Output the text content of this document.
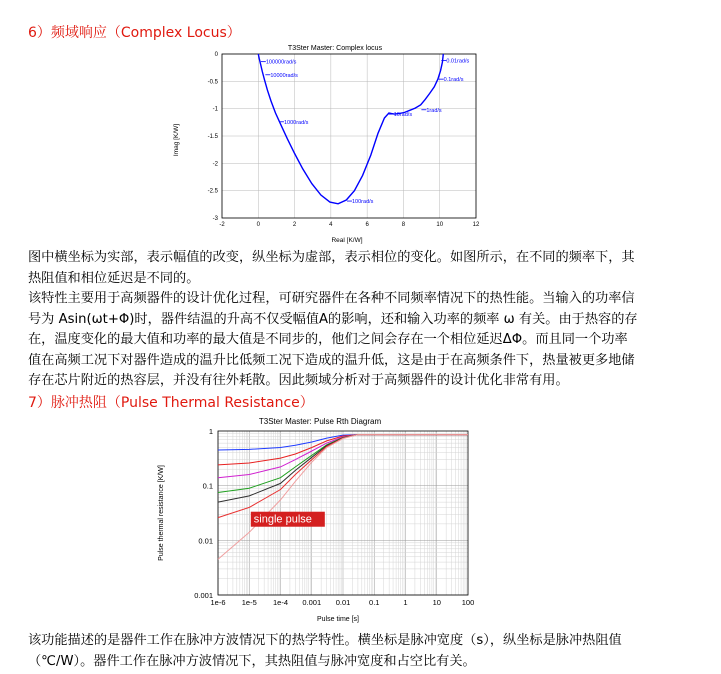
6）频域响应（Complex Locus）
T3Ster Master: Complex locus
-2	0	2	4	6	8	10	12
0
-0.5
-1
-1.5
-2
-2.5
-3
100000rad/s
10000rad/s
1000rad/s
100rad/s
10rad/s
1rad/s
0.1rad/s
0.01rad/s
Real [K/W]
Imag [K/W]
图中横坐标为实部，表示幅值的改变，纵坐标为虚部，表示相位的变化。如图所示，在不同的频率下，其
热阻值和相位延迟是不同的。
该特性主要用于高频器件的设计优化过程，可研究器件在各种不同频率情况下的热性能。当输入的功率信
号为 Asin(ωt+Φ)时，器件结温的升高不仅受幅值A的影响，还和输入功率的频率 ω 有关。由于热容的存
在，温度变化的最大值和功率的最大值是不同步的，他们之间会存在一个相位延迟ΔΦ。而且同一个功率
值在高频工况下对器件造成的温升比低频工况下造成的温升低，这是由于在高频条件下，热量被更多地储
存在芯片附近的热容层，并没有往外耗散。因此频域分析对于高频器件的设计优化非常有用。
7）脉冲热阻（Pulse Thermal Resistance）
T3Ster Master: Pulse Rth Diagram
1e-6 1e-5 1e-4 0.001 0.01 0.1	1	10	100
1
0.1
0.01
0.001
single pulse
Pulse time [s]
Pulse thermal resistance [K/W]
该功能描述的是器件工作在脉冲方波情况下的热学特性。横坐标是脉冲宽度（s），纵坐标是脉冲热阻值
（℃/W）。器件工作在脉冲方波情况下，其热阻值与脉冲宽度和占空比有关。
